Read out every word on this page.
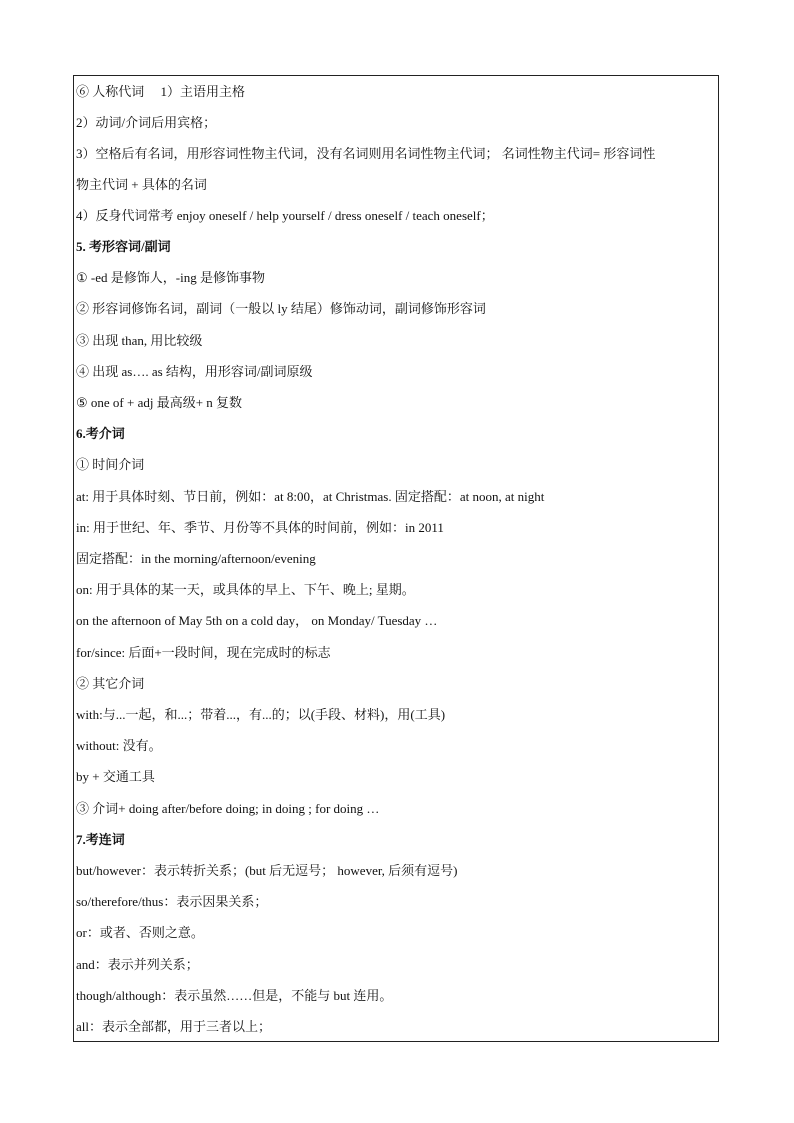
⑥ 人称代词　 1）主语用主格
2）动词/介词后用宾格；
3）空格后有名词，用形容词性物主代词，没有名词则用名词性物主代词； 名词性物主代词= 形容词性
物主代词 + 具体的名词
4）反身代词常考 enjoy oneself / help yourself / dress oneself / teach oneself；
5. 考形容词/副词
① -ed 是修饰人，-ing 是修饰事物
② 形容词修饰名词，副词（一般以 ly 结尾）修饰动词，副词修饰形容词
③ 出现 than, 用比较级
④ 出现 as…. as 结构，用形容词/副词原级
⑤ one of + adj 最高级+ n 复数
6.考介词
① 时间介词
at: 用于具体时刻、节日前，例如：at 8:00，at Christmas. 固定搭配：at noon, at night
in: 用于世纪、年、季节、月份等不具体的时间前，例如：in 2011
固定搭配：in the morning/afternoon/evening
on: 用于具体的某一天，或具体的早上、下午、晚上; 星期。
on the afternoon of May 5th on a cold day， on Monday/ Tuesday …
for/since: 后面+一段时间，现在完成时的标志
② 其它介词
with:与...一起，和...；带着...，有...的；以(手段、材料)，用(工具)
without: 没有。
by + 交通工具
③ 介词+ doing after/before doing; in doing ; for doing …
7.考连词
but/however：表示转折关系；(but 后无逗号； however, 后须有逗号)
so/therefore/thus：表示因果关系；
or：或者、否则之意。
and：表示并列关系；
though/although：表示虽然……但是，不能与 but 连用。
all：表示全部都，用于三者以上；
